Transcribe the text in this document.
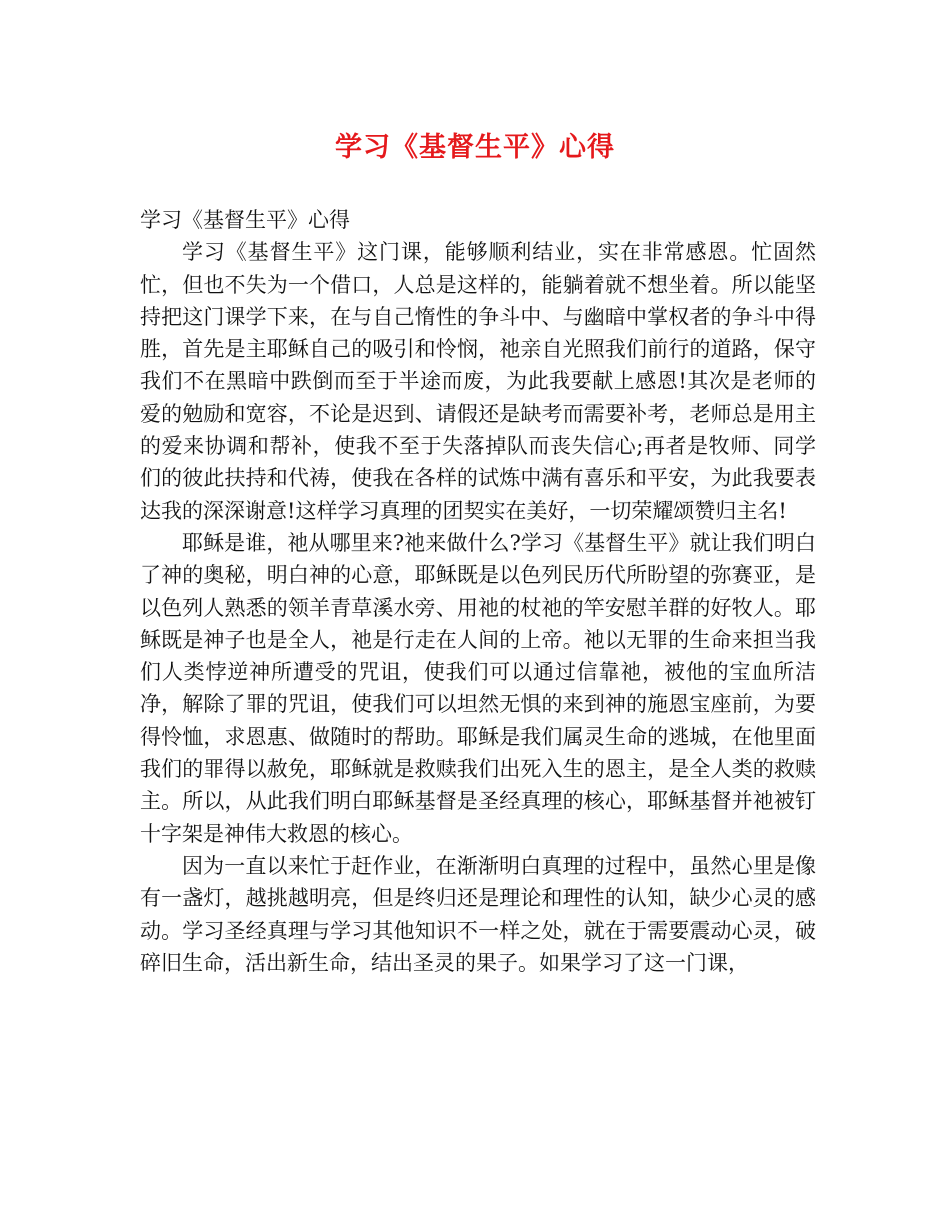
学习《基督生平》心得

学习《基督生平》心得

学习《基督生平》这门课，能够顺利结业，实在非常感恩。忙固然忙，但也不失为一个借口，人总是这样的，能躺着就不想坐着。所以能坚持把这门课学下来，在与自己惰性的争斗中、与幽暗中掌权者的争斗中得胜，首先是主耶稣自己的吸引和怜悯，祂亲自光照我们前行的道路，保守我们不在黑暗中跌倒而至于半途而废，为此我要献上感恩!其次是老师的爱的勉励和宽容，不论是迟到、请假还是缺考而需要补考，老师总是用主的爱来协调和帮补，使我不至于失落掉队而丧失信心;再者是牧师、同学们的彼此扶持和代祷，使我在各样的试炼中满有喜乐和平安，为此我要表达我的深深谢意!这样学习真理的团契实在美好，一切荣耀颂赞归主名!

耶稣是谁，祂从哪里来?祂来做什么?学习《基督生平》就让我们明白了神的奥秘，明白神的心意，耶稣既是以色列民历代所盼望的弥赛亚，是以色列人熟悉的领羊青草溪水旁、用祂的杖祂的竿安慰羊群的好牧人。耶稣既是神子也是全人，祂是行走在人间的上帝。祂以无罪的生命来担当我们人类悖逆神所遭受的咒诅，使我们可以通过信靠祂，被他的宝血所洁净，解除了罪的咒诅，使我们可以坦然无惧的来到神的施恩宝座前，为要得怜恤，求恩惠、做随时的帮助。耶稣是我们属灵生命的逃城，在他里面我们的罪得以赦免，耶稣就是救赎我们出死入生的恩主，是全人类的救赎主。所以，从此我们明白耶稣基督是圣经真理的核心，耶稣基督并祂被钉十字架是神伟大救恩的核心。

因为一直以来忙于赶作业，在渐渐明白真理的过程中，虽然心里是像有一盏灯，越挑越明亮，但是终归还是理论和理性的认知，缺少心灵的感动。学习圣经真理与学习其他知识不一样之处，就在于需要震动心灵，破碎旧生命，活出新生命，结出圣灵的果子。如果学习了这一门课，
